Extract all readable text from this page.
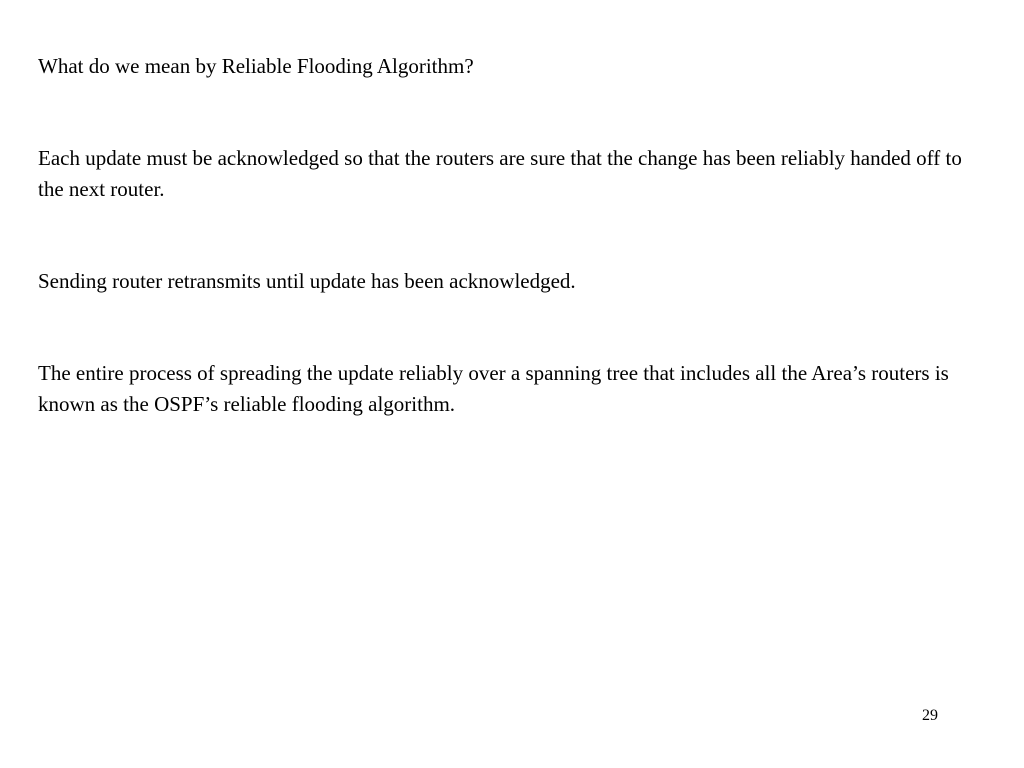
What do we mean by Reliable Flooding Algorithm?

Each update must be acknowledged so that the routers are sure that the change has been reliably handed off to the next router.

Sending router retransmits until update has been acknowledged.

The entire process of spreading the update reliably over a spanning tree that includes all the Area’s routers is known as the OSPF’s reliable flooding algorithm.

29
